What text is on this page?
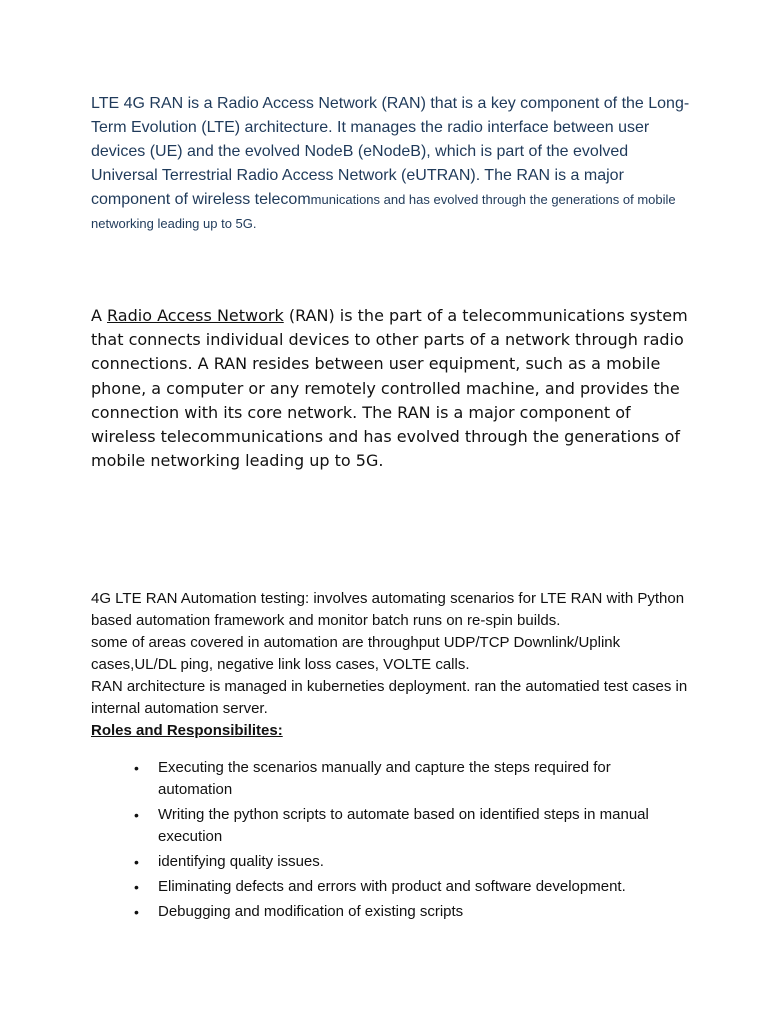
LTE 4G RAN is a Radio Access Network (RAN) that is a key component of the Long-Term Evolution (LTE) architecture. It manages the radio interface between user devices (UE) and the evolved NodeB (eNodeB), which is part of the evolved Universal Terrestrial Radio Access Network (eUTRAN). The RAN is a major component of wireless telecommunications and has evolved through the generations of mobile networking leading up to 5G.

A Radio Access Network (RAN) is the part of a telecommunications system that connects individual devices to other parts of a network through radio connections. A RAN resides between user equipment, such as a mobile phone, a computer or any remotely controlled machine, and provides the connection with its core network. The RAN is a major component of wireless telecommunications and has evolved through the generations of mobile networking leading up to 5G.

4G LTE RAN Automation testing: involves automating scenarios for LTE RAN with Python based automation framework and monitor batch runs on re-spin builds.

some of areas covered in automation are throughput UDP/TCP Downlink/Uplink cases,UL/DL ping, negative link loss cases, VOLTE calls.

RAN architecture is managed in kuberneties deployment. ran the automatied test cases in internal automation server.

Roles and Responsibilites:

• Executing the scenarios manually and capture the steps required for automation
• Writing the python scripts to automate based on identified steps in manual execution
• identifying quality issues.
• Eliminating defects and errors with product and software development.
• Debugging and modification of existing scripts
